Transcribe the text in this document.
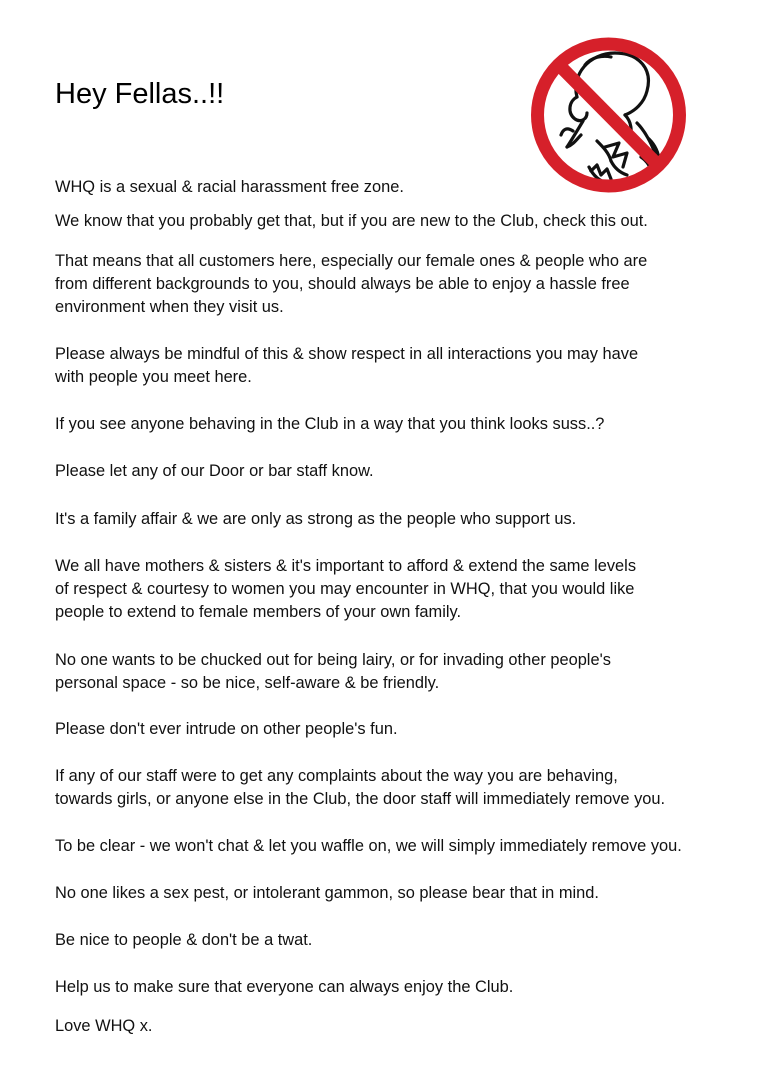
Hey Fellas..!!

WHQ is a sexual & racial harassment free zone.

We know that you probably get that, but if you are new to the Club, check this out.

That means that all customers here, especially our female ones & people who are
from different backgrounds to you, should always be able to enjoy a hassle free
environment when they visit us.

Please always be mindful of this & show respect in all interactions you may have
with people you meet here.

If you see anyone behaving in the Club in a way that you think looks suss..?

Please let any of our Door or bar staff know.

It's a family affair & we are only as strong as the people who support us.

We all have mothers & sisters & it's important to afford & extend the same levels
of respect & courtesy to women you may encounter in WHQ, that you would like
people to extend to female members of your own family.

No one wants to be chucked out for being lairy, or for invading other people's
personal space - so be nice, self-aware & be friendly.

Please don't ever intrude on other people's fun.

If any of our staff were to get any complaints about the way you are behaving,
towards girls, or anyone else in the Club, the door staff will immediately remove you.

To be clear - we won't chat & let you waffle on, we will simply immediately remove you.

No one likes a sex pest, or intolerant gammon, so please bear that in mind.

Be nice to people & don't be a twat.

Help us to make sure that everyone can always enjoy the Club.

Love WHQ x.
